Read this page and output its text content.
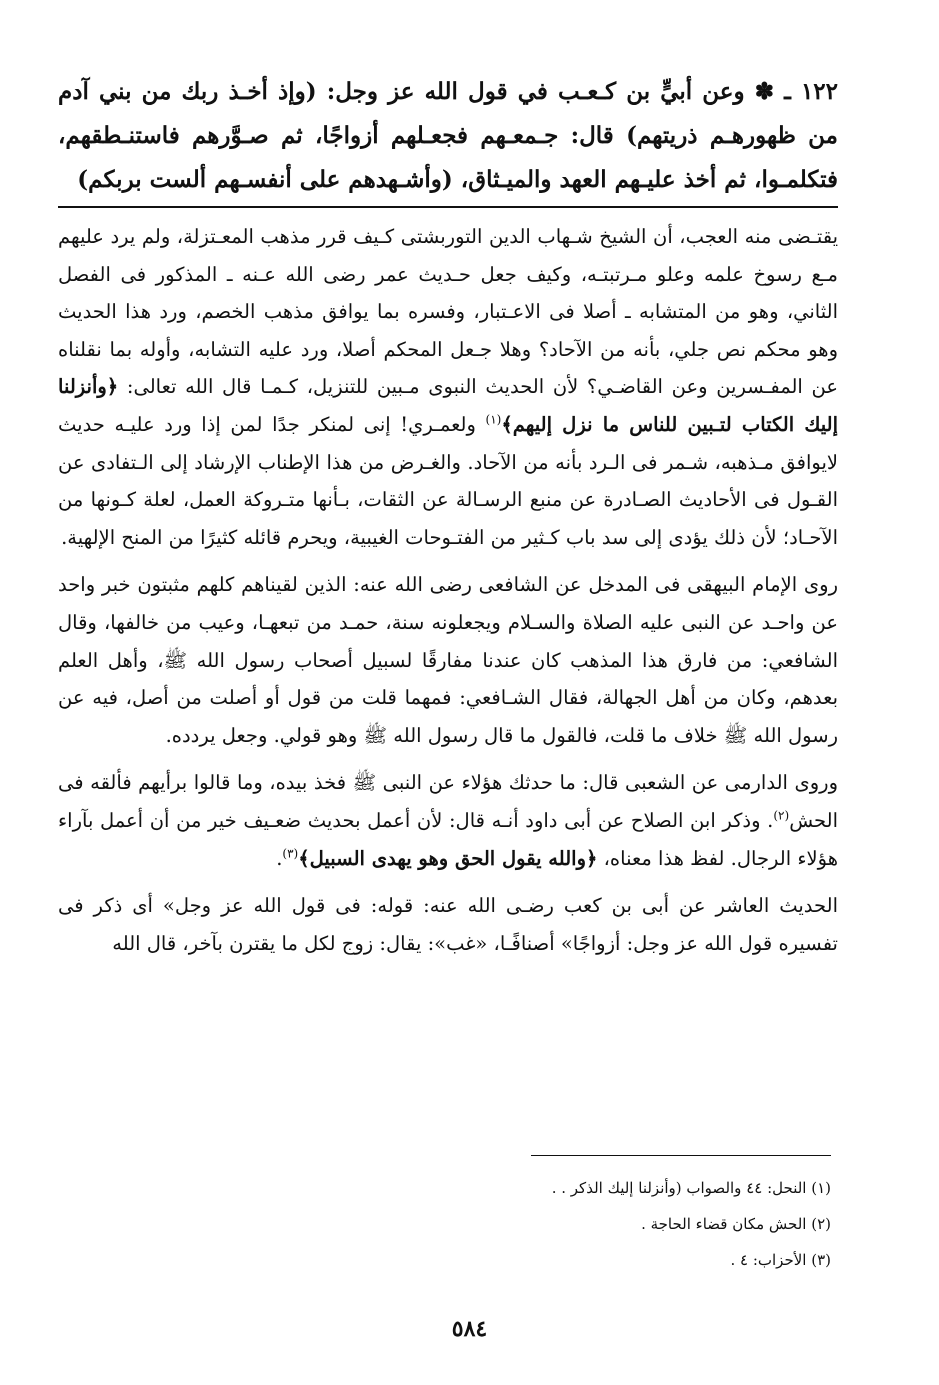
١٢٢ ـ ✽ وعن أبيٍّ بن كـعـب في قول الله عز وجل: (وإذ أخـذ ربك من بني آدم من ظهورهـم ذريتهم) قال: جـمعـهم فجعـلهم أزواجًا، ثم صـوَّرهم فاستنـطقهم، فتكلمـوا، ثم أخذ عليـهم العهد والميـثاق، (وأشـهدهم على أنفسـهم ألست بربكم)

يقتـضى منه العجب، أن الشيخ شـهاب الدين التوربشتى كـيف قرر مذهب المعـتزلة، ولم يرد عليهم مـع رسوخ علمه وعلو مـرتبتـه، وكيف جعل حـديث عمر رضى الله عـنه ـ المذكور فى الفصل الثاني، وهو من المتشابه ـ أصلا فى الاعـتبار، وفسره بما يوافق مذهب الخصم، ورد هذا الحديث وهو محكم نص جلي، بأنه من الآحاد؟ وهلا جـعل المحكم أصلا، ورد عليه التشابه، وأوله بما نقلناه عن المفـسرين وعن القاضـي؟ لأن الحديث النبوى مـبين للتنزيل، كـمـا قال الله تعالى: ﴿وأنزلنا إليك الكتاب لتـبين للناس ما نزل إليهم﴾$^{(١)}$ ولعمـري! إنى لمنكر جدًا لمن إذا ورد عليـه حديث لايوافق مـذهبه، شـمر فى الـرد بأنه من الآحاد. والغـرض من هذا الإطناب الإرشاد إلى الـتفادى عن القـول فى الأحاديث الصـادرة عن منبع الرسـالة عن الثقات، بـأنها متـروكة العمل، لعلة كـونها من الآحـاد؛ لأن ذلك يؤدى إلى سد باب كـثير من الفتـوحات الغيبية، ويحرم قائله كثيرًا من المنح الإلهية.

روى الإمام البيهقى فى المدخل عن الشافعى رضى الله عنه: الذين لقيناهم كلهم مثبتون خبر واحد عن واحـد عن النبى عليه الصلاة والسـلام ويجعلونه سنة، حمـد من تبعهـا، وعيب من خالفها، وقال الشافعي: من فارق هذا المذهب كان عندنا مفارقًا لسبيل أصحاب رسول الله ﷺ، وأهل العلم بعدهم، وكان من أهل الجهالة، فقال الشـافعي: فمهما قلت من قول أو أصلت من أصل، فيه عن رسول الله ﷺ خلاف ما قلت، فالقول ما قال رسول الله ﷺ وهو قولي. وجعل يردده.

وروى الدارمى عن الشعبى قال: ما حدثك هؤلاء عن النبى ﷺ فخذ بيده، وما قالوا برأيهم فألقه فى الحش$^{(٢)}$. وذكر ابن الصلاح عن أبى داود أنـه قال: لأن أعمل بحديث ضعـيف خير من أن أعمل بآراء هؤلاء الرجال. لفظ هذا معناه، ﴿والله يقول الحق وهو يهدى السبيل﴾$^{(٣)}$.

الحديث العاشر عن أبى بن كعب رضـى الله عنه: قوله: فى قول الله عز وجل» أى ذكر فى تفسيره قول الله عز وجل: أزواجًا» أصنافًـا، «غب»: يقال: زوج لكل ما يقترن بآخر، قال الله

(١) النحل: ٤٤ والصواب (وأنزلنا إليك الذكر . .

(٢) الحش مكان قضاء الحاجة .

(٣) الأحزاب: ٤ .

٥٨٤
